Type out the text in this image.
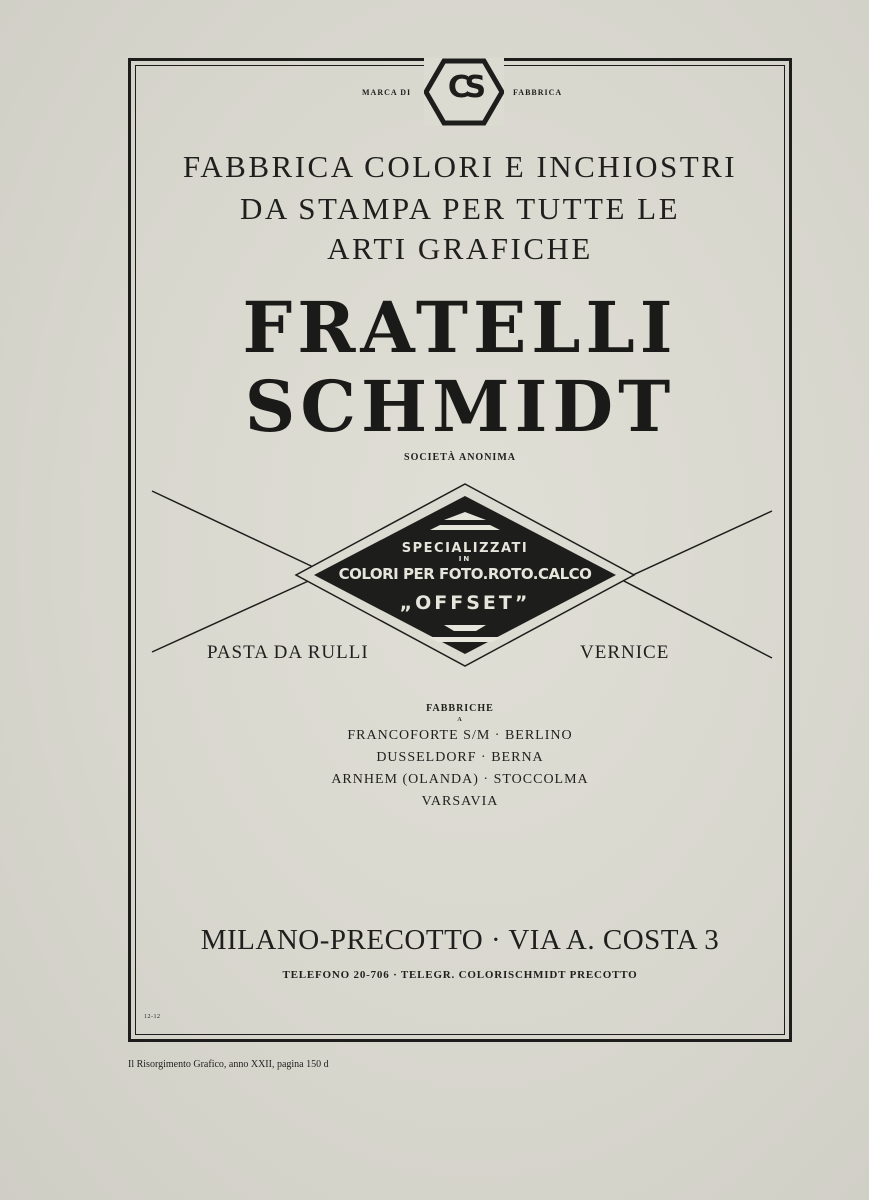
MARCA DI	FABBRICA
CS
FABBRICA COLORI E INCHIOSTRI
DA STAMPA PER TUTTE LE
ARTI GRAFICHE
FRATELLI
SCHMIDT
SOCIETÀ ANONIMA
SPECIALIZZATI
IN
COLORI PER FOTO.ROTO.CALCO
„OFFSET”
PASTA DA RULLI	VERNICE
FABBRICHE
A
FRANCOFORTE S/M · BERLINO
DUSSELDORF · BERNA
ARNHEM (OLANDA) · STOCCOLMA
VARSAVIA
MILANO-PRECOTTO · VIA A. COSTA 3
TELEFONO 20-706 · TELEGR. COLORISCHMIDT PRECOTTO
12-12
Il Risorgimento Grafico, anno XXII, pagina 150 d
